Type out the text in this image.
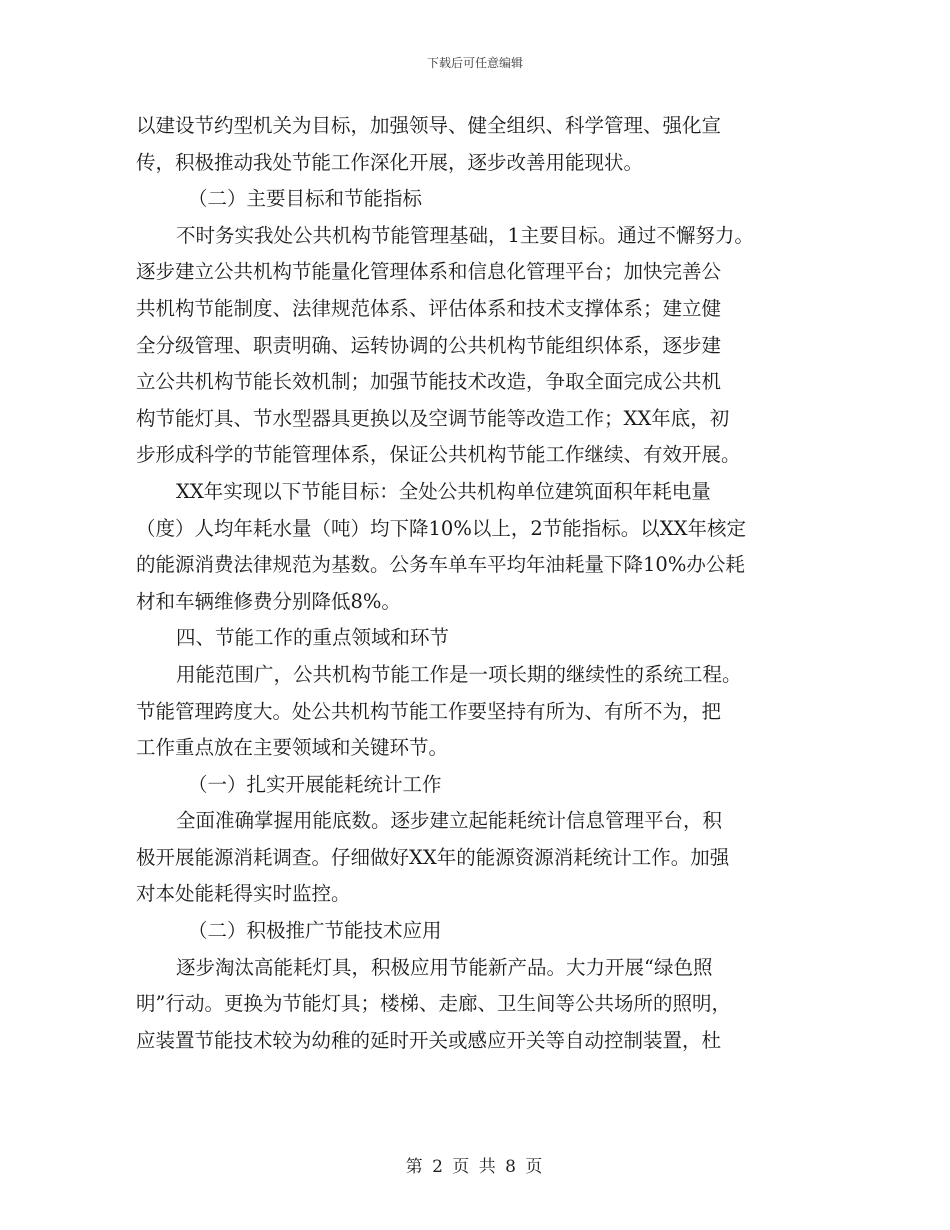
下载后可任意编辑
以建设节约型机关为目标，加强领导、健全组织、科学管理、强化宣
传，积极推动我处节能工作深化开展，逐步改善用能现状。
（二）主要目标和节能指标
不时务实我处公共机构节能管理基础，1主要目标。通过不懈努力。
逐步建立公共机构节能量化管理体系和信息化管理平台；加快完善公
共机构节能制度、法律规范体系、评估体系和技术支撑体系；建立健
全分级管理、职责明确、运转协调的公共机构节能组织体系，逐步建
立公共机构节能长效机制；加强节能技术改造，争取全面完成公共机
构节能灯具、节水型器具更换以及空调节能等改造工作；XX年底，初
步形成科学的节能管理体系，保证公共机构节能工作继续、有效开展。
XX年实现以下节能目标：全处公共机构单位建筑面积年耗电量
（度）人均年耗水量（吨）均下降10%以上，2节能指标。以XX年核定
的能源消费法律规范为基数。公务车单车平均年油耗量下降10%办公耗
材和车辆维修费分别降低8%。
四、节能工作的重点领域和环节
用能范围广，公共机构节能工作是一项长期的继续性的系统工程。
节能管理跨度大。处公共机构节能工作要坚持有所为、有所不为，把
工作重点放在主要领域和关键环节。
（一）扎实开展能耗统计工作
全面准确掌握用能底数。逐步建立起能耗统计信息管理平台，积
极开展能源消耗调查。仔细做好XX年的能源资源消耗统计工作。加强
对本处能耗得实时监控。
（二）积极推广节能技术应用
逐步淘汰高能耗灯具，积极应用节能新产品。大力开展“绿色照
明”行动。更换为节能灯具；楼梯、走廊、卫生间等公共场所的照明，
应装置节能技术较为幼稚的延时开关或感应开关等自动控制装置，杜
第 2 页 共 8 页
